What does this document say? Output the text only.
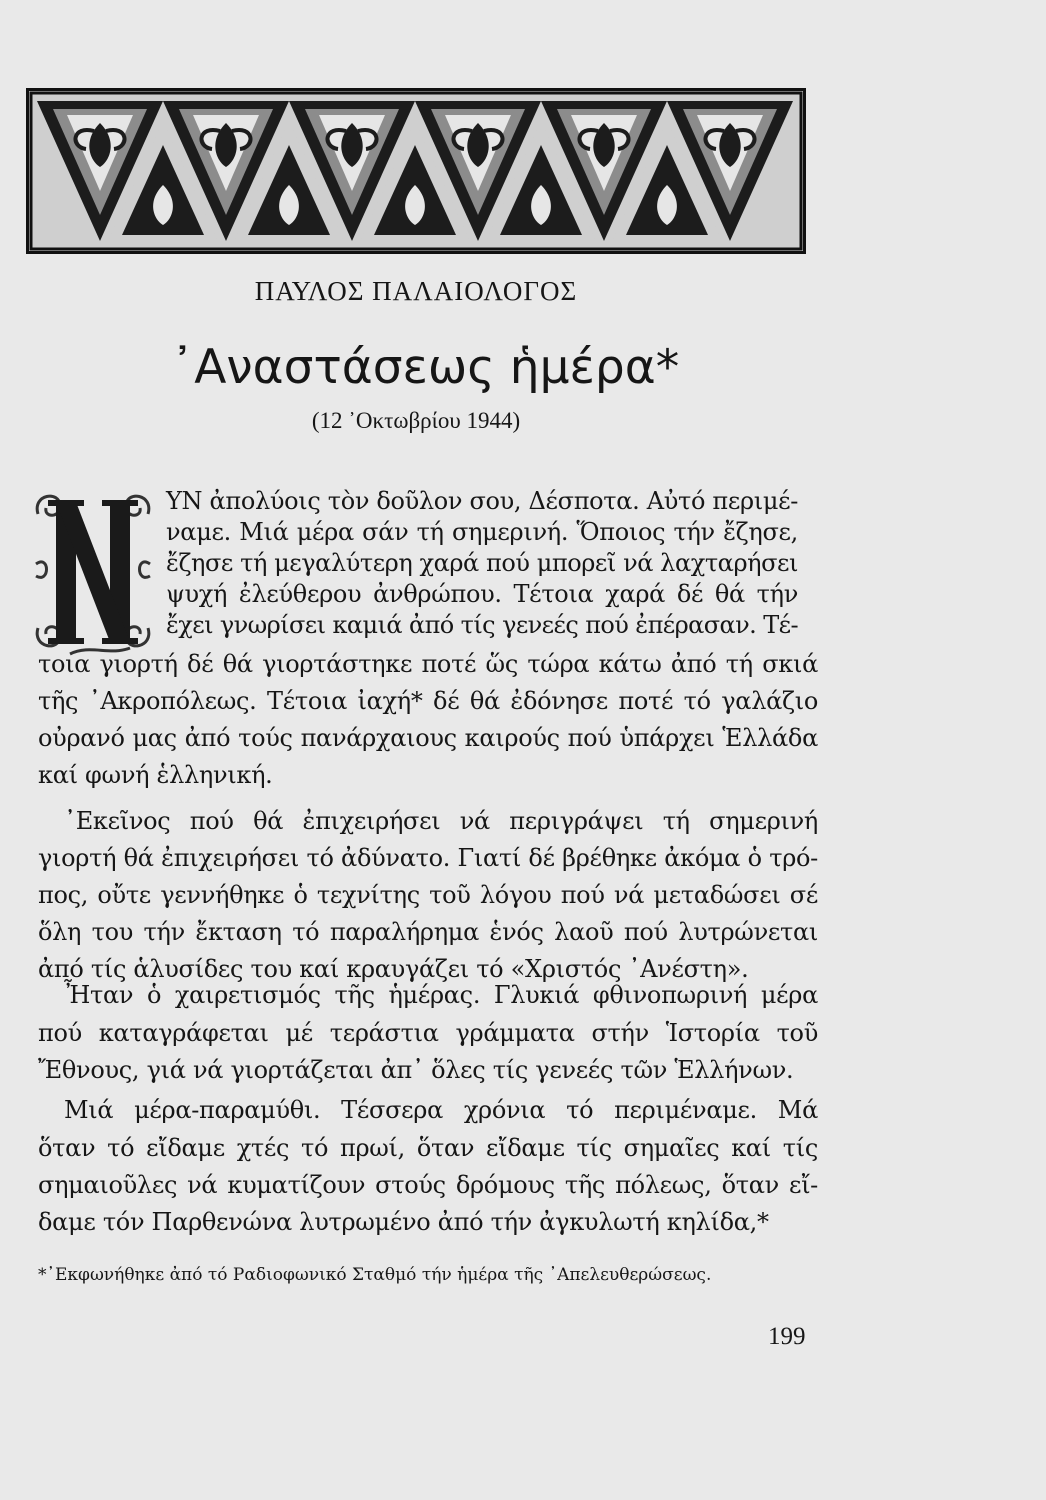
ΠΑΥΛΟΣ ΠΑΛΑΙΟΛΟΓΟΣ
᾿Αναστάσεως ἡμέρα*
(12 ᾿Οκτωβρίου 1944)
ΥΝ ἀπολύοις τὸν δοῦλον σου, Δέσποτα. Αὐτό περιμέ-
ναμε. Μιά μέρα σάν τή σημερινή. Ὅποιος τήν ἔζησε,
ἔζησε τή μεγαλύτερη χαρά πού μπορεῖ νά λαχταρήσει
ψυχή ἐλεύθερου ἀνθρώπου. Τέτοια χαρά δέ θά τήν
ἔχει γνωρίσει καμιά ἀπό τίς γενεές πού ἐπέρασαν. Τέ-
τοια γιορτή δέ θά γιορτάστηκε ποτέ ὥς τώρα κάτω ἀπό τή σκιά
τῆς ᾿Ακροπόλεως. Τέτοια ἰαχή* δέ θά ἐδόνησε ποτέ τό γαλάζιο
οὐρανό μας ἀπό τούς πανάρχαιους καιρούς πού ὑπάρχει Ἑλλάδα
καί φωνή ἑλληνική.
᾿Εκεῖνος πού θά ἐπιχειρήσει νά περιγράψει τή σημερινή
γιορτή θά ἐπιχειρήσει τό ἀδύνατο. Γιατί δέ βρέθηκε ἀκόμα ὁ τρό-
πος, οὔτε γεννήθηκε ὁ τεχνίτης τοῦ λόγου πού νά μεταδώσει σέ
ὅλη του τήν ἔκταση τό παραλήρημα ἑνός λαοῦ πού λυτρώνεται
ἀπό τίς ἁλυσίδες του καί κραυγάζει τό «Χριστός ᾿Ανέστη».
Ἦταν ὁ χαιρετισμός τῆς ἡμέρας. Γλυκιά φθινοπωρινή μέρα
πού καταγράφεται μέ τεράστια γράμματα στήν Ἱστορία τοῦ
Ἔθνους, γιά νά γιορτάζεται ἀπ᾿ ὅλες τίς γενεές τῶν Ἑλλήνων.
Μιά μέρα-παραμύθι. Τέσσερα χρόνια τό περιμέναμε. Μά
ὅταν τό εἴδαμε χτές τό πρωί, ὅταν εἴδαμε τίς σημαῖες καί τίς
σημαιοῦλες νά κυματίζουν στούς δρόμους τῆς πόλεως, ὅταν εἴ-
δαμε τόν Παρθενώνα λυτρωμένο ἀπό τήν ἀγκυλωτή κηλίδα,*
*᾿Εκφωνήθηκε ἀπό τό Ραδιοφωνικό Σταθμό τήν ἡμέρα τῆς ᾿Απελευθερώσεως.
199
